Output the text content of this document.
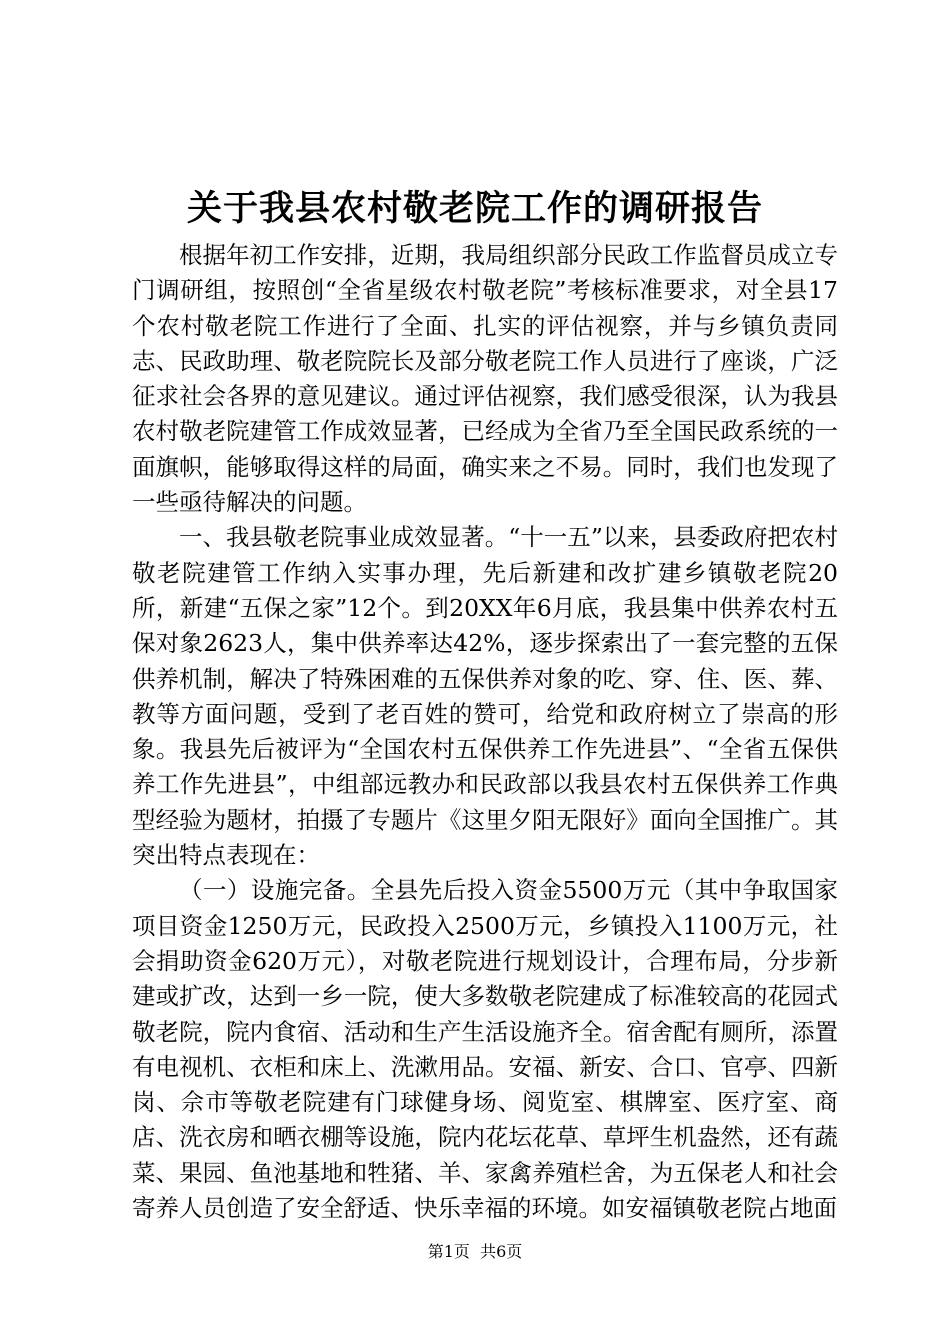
关于我县农村敬老院工作的调研报告

根据年初工作安排，近期，我局组织部分民政工作监督员成立专门调研组，按照创“全省星级农村敬老院”考核标准要求，对全县17个农村敬老院工作进行了全面、扎实的评估视察，并与乡镇负责同志、民政助理、敬老院院长及部分敬老院工作人员进行了座谈，广泛征求社会各界的意见建议。通过评估视察，我们感受很深，认为我县农村敬老院建管工作成效显著，已经成为全省乃至全国民政系统的一面旗帜，能够取得这样的局面，确实来之不易。同时，我们也发现了一些亟待解决的问题。

一、我县敬老院事业成效显著。“十一五”以来，县委政府把农村敬老院建管工作纳入实事办理，先后新建和改扩建乡镇敬老院20所，新建“五保之家”12个。到20XX年6月底，我县集中供养农村五保对象2623人，集中供养率达42%，逐步探索出了一套完整的五保供养机制，解决了特殊困难的五保供养对象的吃、穿、住、医、葬、教等方面问题，受到了老百姓的赞可，给党和政府树立了崇高的形象。我县先后被评为“全国农村五保供养工作先进县”、“全省五保供养工作先进县”，中组部远教办和民政部以我县农村五保供养工作典型经验为题材，拍摄了专题片《这里夕阳无限好》面向全国推广。其突出特点表现在：

（一）设施完备。全县先后投入资金5500万元（其中争取国家项目资金1250万元，民政投入2500万元，乡镇投入1100万元，社会捐助资金620万元），对敬老院进行规划设计，合理布局，分步新建或扩改，达到一乡一院，使大多数敬老院建成了标准较高的花园式敬老院，院内食宿、活动和生产生活设施齐全。宿舍配有厕所，添置有电视机、衣柜和床上、洗漱用品。安福、新安、合口、官亭、四新岗、佘市等敬老院建有门球健身场、阅览室、棋牌室、医疗室、商店、洗衣房和晒衣棚等设施，院内花坛花草、草坪生机盎然，还有蔬菜、果园、鱼池基地和牲猪、羊、家禽养殖栏舍，为五保老人和社会寄养人员创造了安全舒适、快乐幸福的环境。如安福镇敬老院占地面

第1页  共6页
